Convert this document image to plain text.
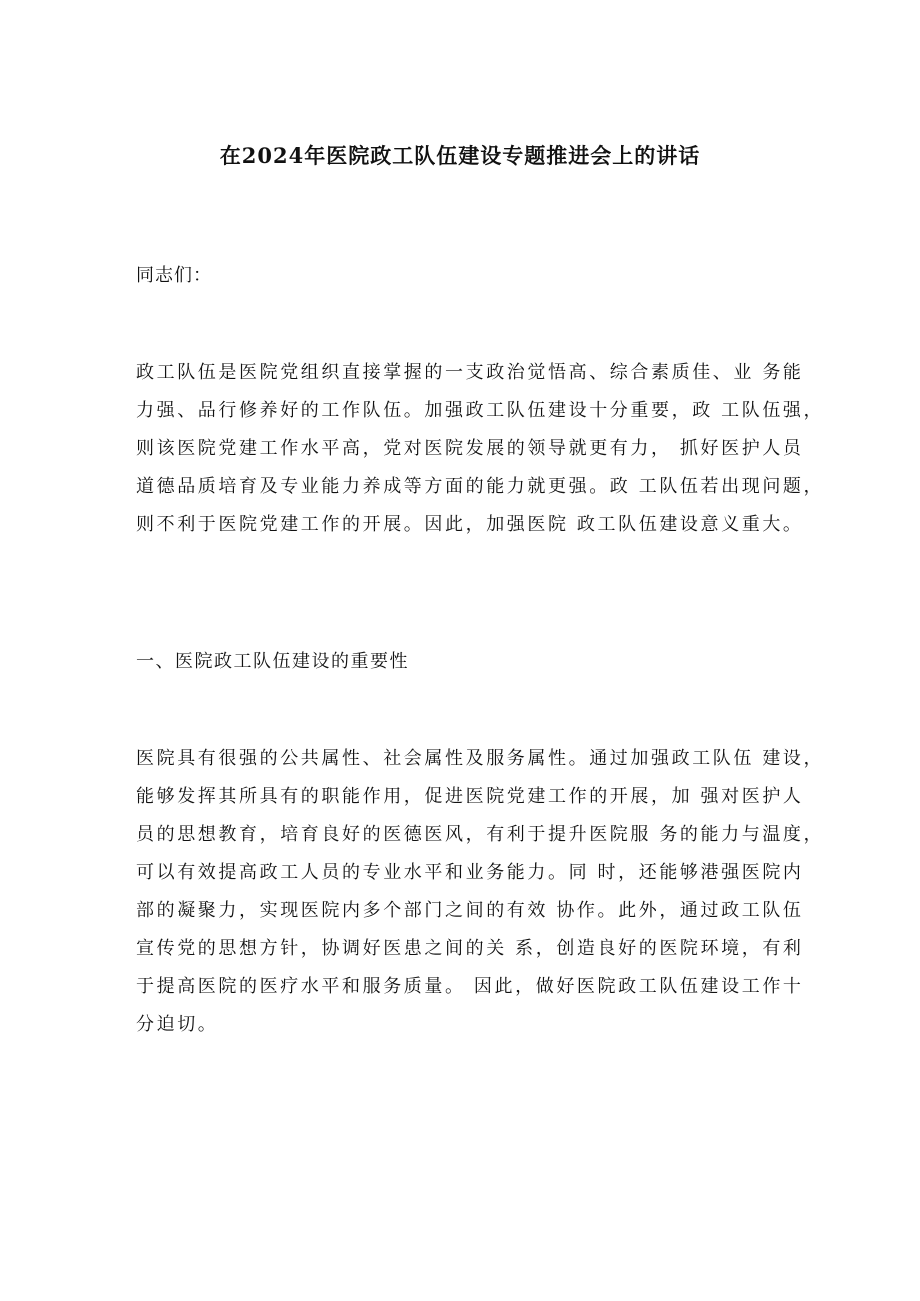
在2024年医院政工队伍建设专题推进会上的讲话
同志们：
政工队伍是医院党组织直接掌握的一支政治觉悟高、综合素质佳、业 务能
力强、品行修养好的工作队伍。加强政工队伍建设十分重要，政 工队伍强，
则该医院党建工作水平高，党对医院发展的领导就更有力， 抓好医护人员
道德品质培育及专业能力养成等方面的能力就更强。政 工队伍若出现问题，
则不利于医院党建工作的开展。因此，加强医院 政工队伍建设意义重大。
一、医院政工队伍建设的重要性
医院具有很强的公共属性、社会属性及服务属性。通过加强政工队伍 建设，
能够发挥其所具有的职能作用，促进医院党建工作的开展，加 强对医护人
员的思想教育，培育良好的医德医风，有利于提升医院服 务的能力与温度，
可以有效提高政工人员的专业水平和业务能力。同 时，还能够港强医院内
部的凝聚力，实现医院内多个部门之间的有效 协作。此外，通过政工队伍
宣传党的思想方针，协调好医患之间的关 系，创造良好的医院环境，有利
于提高医院的医疗水平和服务质量。 因此，做好医院政工队伍建设工作十
分迫切。
